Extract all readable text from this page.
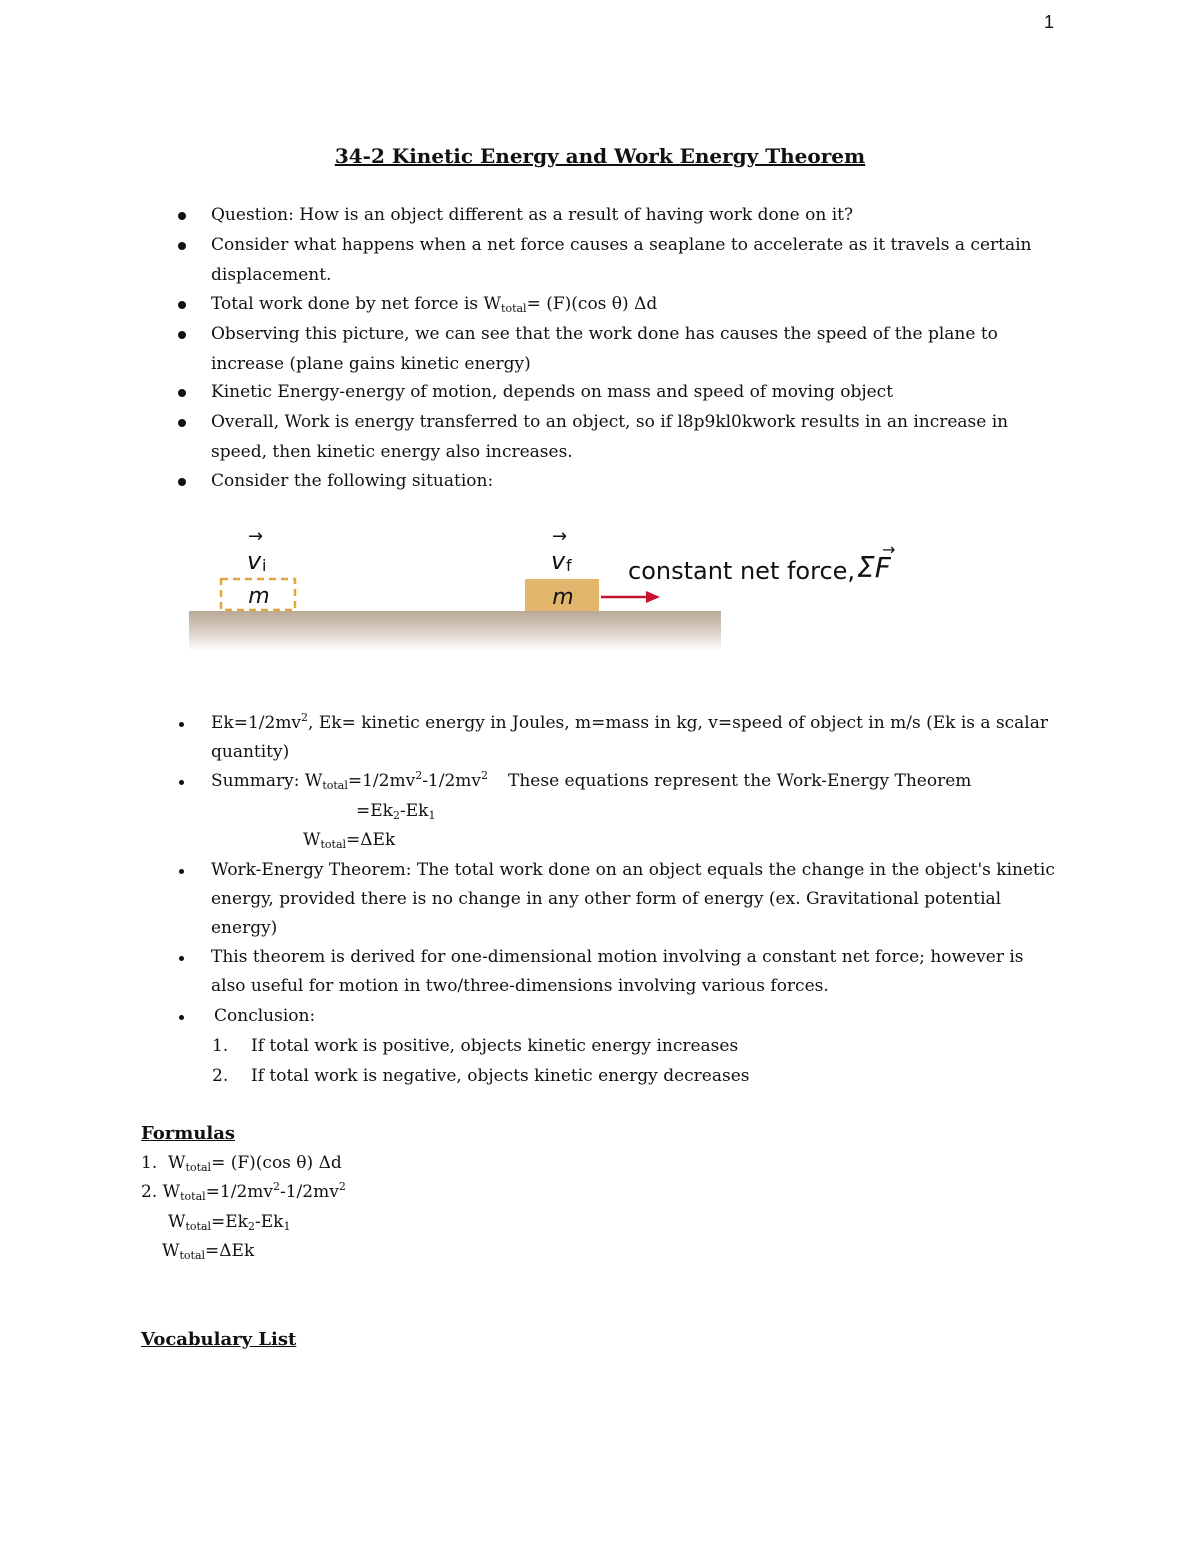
1
34-2 Kinetic Energy and Work Energy Theorem
Question: How is an object different as a result of having work done on it?
Consider what happens when a net force causes a seaplane to accelerate as it travels a certain
displacement.
Total work done by net force is $W_{total}= (F)(\cos$ θ) Δd
Observing this picture, we can see that the work done has causes the speed of the plane to
increase (plane gains kinetic energy)
Kinetic Energy-energy of motion, depends on mass and speed of moving object
Overall, Work is energy transferred to an object, so if l8p9kl0kwork results in an increase in
speed, then kinetic energy also increases.
Consider the following situation:
m	m
→
v i
→
v f constant net force, ΣF
→
$Ek=1/2mv^2$, Ek= kinetic energy in Joules, m=mass in kg, v=speed of object in m/s (Ek is a scalar
quantity)
Summary: $W_{total}=1/2mv^2-1/2mv^2$ These equations represent the Work-Energy Theorem
$=Ek_2-Ek_1$
$W_{total}=\Delta Ek$
Work-Energy Theorem: The total work done on an object equals the change in the object's kinetic
energy, provided there is no change in any other form of energy (ex. Gravitational potential
energy)
This theorem is derived for one-dimensional motion involving a constant net force; however is
also useful for motion in two/three-dimensions involving various forces.
Conclusion:
1. If total work is positive, objects kinetic energy increases
2. If total work is negative, objects kinetic energy decreases
Formulas
1. $W_{total}= (F)(\cos$ θ) Δd
2. $W_{total}=1/2mv^2-1/2mv^2$
$W_{total}=Ek_2-Ek_1$
$W_{total}=\Delta Ek$
Vocabulary List
